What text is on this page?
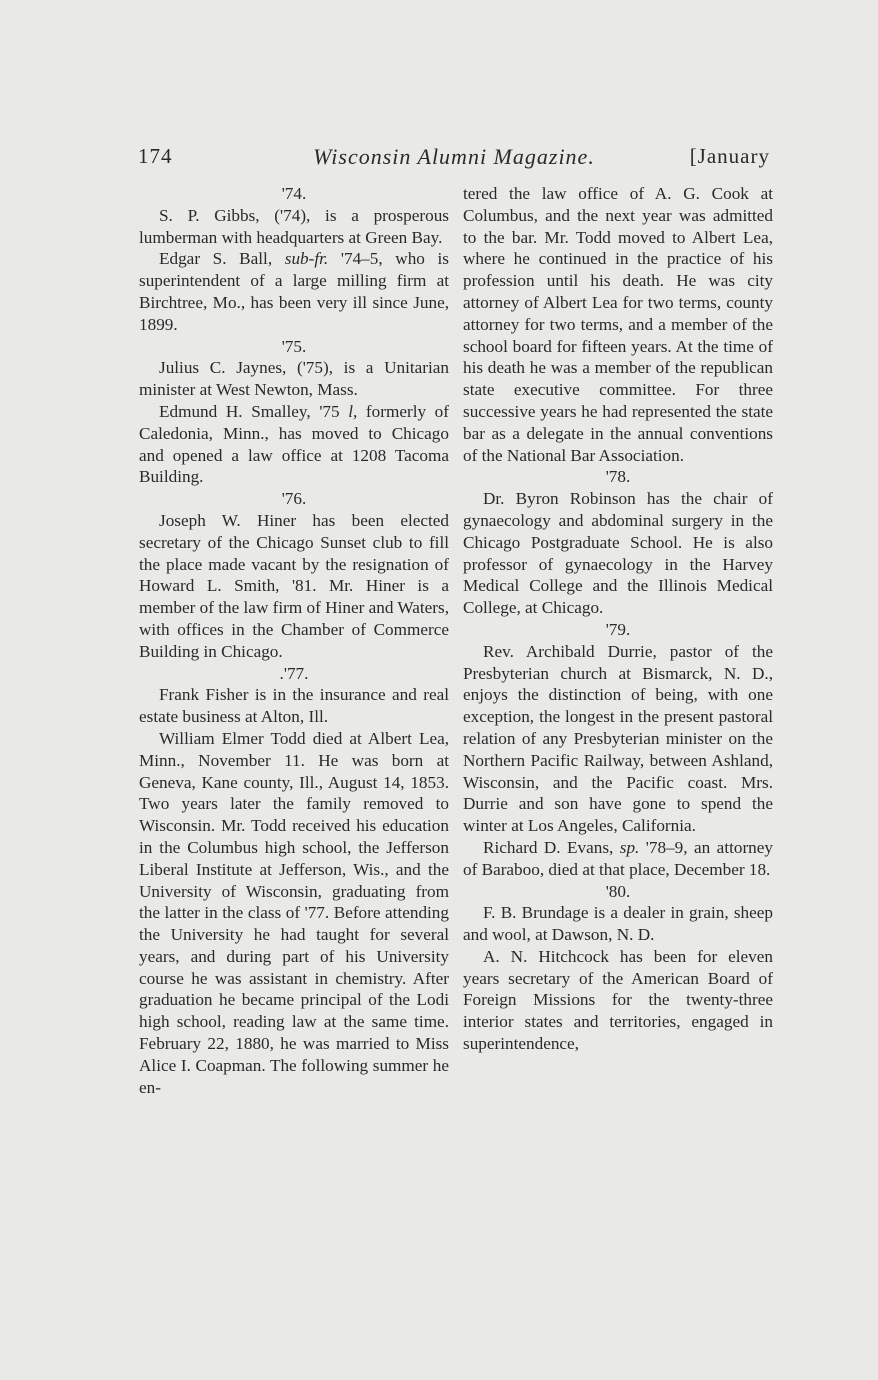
174	Wisconsin Alumni Magazine.	[January

'74.

S. P. Gibbs, ('74), is a prosperous lumberman with headquarters at Green Bay.

Edgar S. Ball, sub-fr. '74–5, who is superintendent of a large milling firm at Birchtree, Mo., has been very ill since June, 1899.

'75.

Julius C. Jaynes, ('75), is a Unitarian minister at West Newton, Mass.

Edmund H. Smalley, '75 l, formerly of Caledonia, Minn., has moved to Chicago and opened a law office at 1208 Tacoma Building.

'76.

Joseph W. Hiner has been elected secretary of the Chicago Sunset club to fill the place made vacant by the resignation of Howard L. Smith, '81. Mr. Hiner is a member of the law firm of Hiner and Waters, with offices in the Chamber of Commerce Building in Chicago.

.'77.

Frank Fisher is in the insurance and real estate business at Alton, Ill.

William Elmer Todd died at Albert Lea, Minn., November 11. He was born at Geneva, Kane county, Ill., August 14, 1853. Two years later the family removed to Wisconsin. Mr. Todd received his education in the Columbus high school, the Jefferson Liberal Institute at Jefferson, Wis., and the University of Wisconsin, graduating from the latter in the class of '77. Before attending the University he had taught for several years, and during part of his University course he was assistant in chemistry. After graduation he became principal of the Lodi high school, reading law at the same time. February 22, 1880, he was married to Miss Alice I. Coapman. The following summer he en-

tered the law office of A. G. Cook at Columbus, and the next year was admitted to the bar. Mr. Todd moved to Albert Lea, where he continued in the practice of his profession until his death. He was city attorney of Albert Lea for two terms, county attorney for two terms, and a member of the school board for fifteen years. At the time of his death he was a member of the republican state executive committee. For three successive years he had represented the state bar as a delegate in the annual conventions of the National Bar Association.

'78.

Dr. Byron Robinson has the chair of gynaecology and abdominal surgery in the Chicago Postgraduate School. He is also professor of gynaecology in the Harvey Medical College and the Illinois Medical College, at Chicago.

'79.

Rev. Archibald Durrie, pastor of the Presbyterian church at Bismarck, N. D., enjoys the distinction of being, with one exception, the longest in the present pastoral relation of any Presbyterian minister on the Northern Pacific Railway, between Ashland, Wisconsin, and the Pacific coast. Mrs. Durrie and son have gone to spend the winter at Los Angeles, California.

Richard D. Evans, sp. '78–9, an attorney of Baraboo, died at that place, December 18.

'80.

F. B. Brundage is a dealer in grain, sheep and wool, at Dawson, N. D.

A. N. Hitchcock has been for eleven years secretary of the American Board of Foreign Missions for the twenty-three interior states and territories, engaged in superintendence,
